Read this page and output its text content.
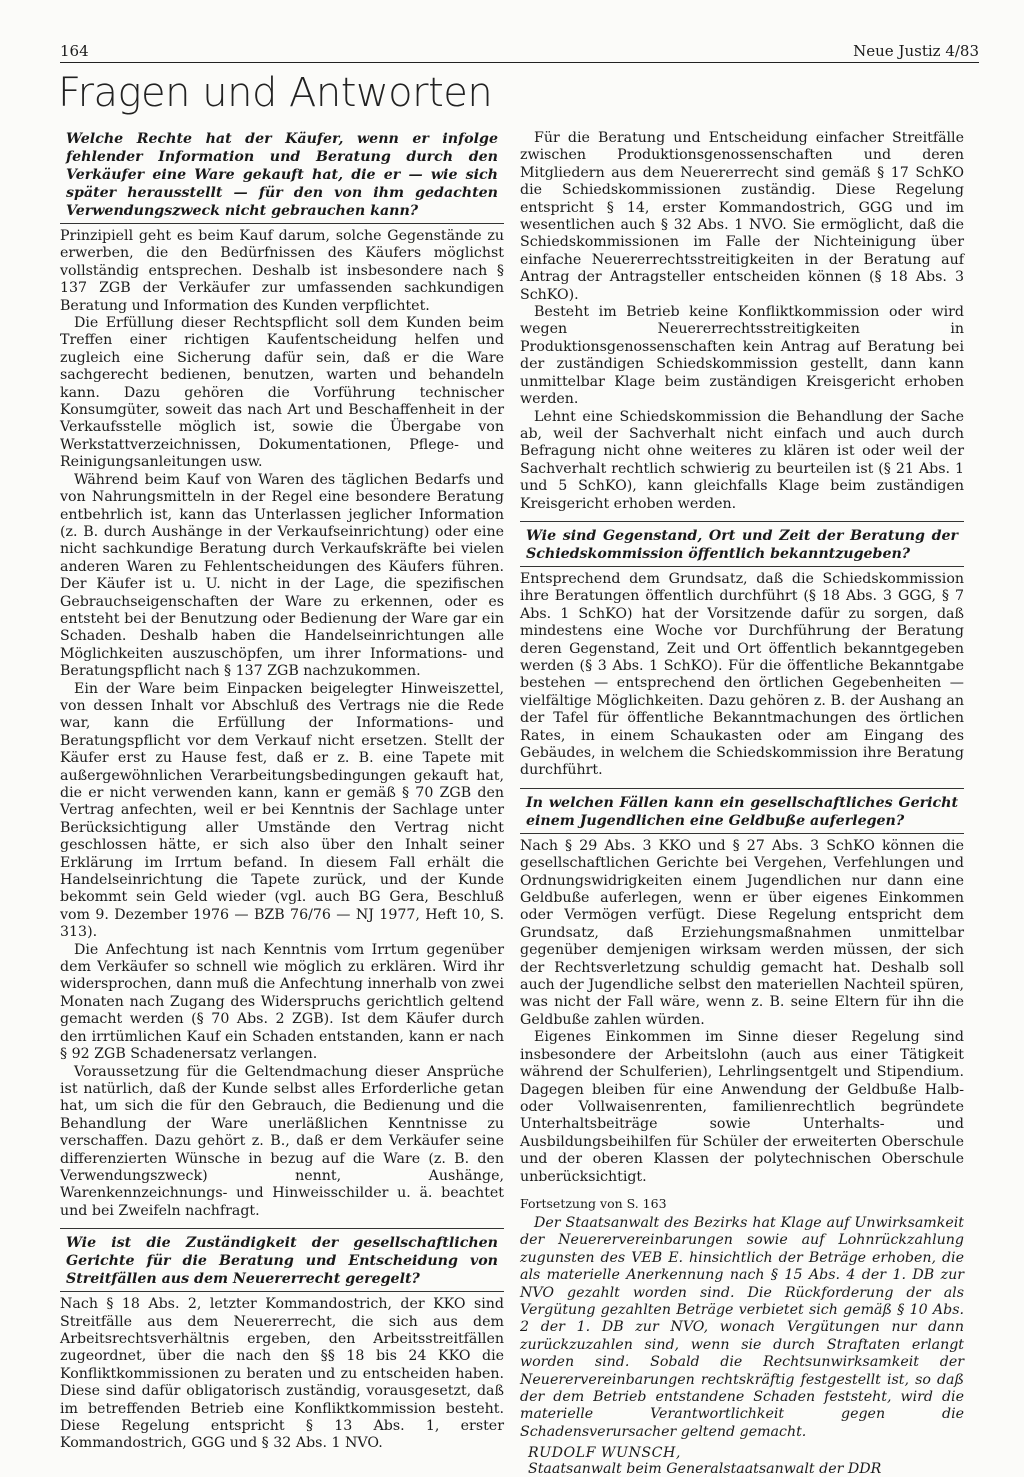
164	Neue Justiz 4/83
Fragen und Antworten
Welche Rechte hat der Käufer, wenn er infolge fehlender Information und Beratung durch den Verkäufer eine Ware gekauft hat, die er — wie sich später herausstellt — für den von ihm gedachten Verwendungszweck nicht gebrauchen kann?

Prinzipiell geht es beim Kauf darum, solche Gegenstände zu erwerben, die den Bedürfnissen des Käufers möglichst vollständig entsprechen. Deshalb ist insbesondere nach § 137 ZGB der Verkäufer zur umfassenden sachkundigen Beratung und Information des Kunden verpflichtet.

Die Erfüllung dieser Rechtspflicht soll dem Kunden beim Treffen einer richtigen Kaufentscheidung helfen und zugleich eine Sicherung dafür sein, daß er die Ware sachgerecht bedienen, benutzen, warten und behandeln kann. Dazu gehören die Vorführung technischer Konsumgüter, soweit das nach Art und Beschaffenheit in der Verkaufsstelle möglich ist, sowie die Übergabe von Werkstattverzeichnissen, Dokumentationen, Pflege- und Reinigungsanleitungen usw.

Während beim Kauf von Waren des täglichen Bedarfs und von Nahrungsmitteln in der Regel eine besondere Beratung entbehrlich ist, kann das Unterlassen jeglicher Information (z. B. durch Aushänge in der Verkaufseinrichtung) oder eine nicht sachkundige Beratung durch Verkaufskräfte bei vielen anderen Waren zu Fehlentscheidungen des Käufers führen. Der Käufer ist u. U. nicht in der Lage, die spezifischen Gebrauchseigenschaften der Ware zu erkennen, oder es entsteht bei der Benutzung oder Bedienung der Ware gar ein Schaden. Deshalb haben die Handelseinrichtungen alle Möglichkeiten auszuschöpfen, um ihrer Informations- und Beratungspflicht nach § 137 ZGB nachzukommen.

Ein der Ware beim Einpacken beigelegter Hinweiszettel, von dessen Inhalt vor Abschluß des Vertrags nie die Rede war, kann die Erfüllung der Informations- und Beratungspflicht vor dem Verkauf nicht ersetzen. Stellt der Käufer erst zu Hause fest, daß er z. B. eine Tapete mit außergewöhnlichen Verarbeitungsbedingungen gekauft hat, die er nicht verwenden kann, kann er gemäß § 70 ZGB den Vertrag anfechten, weil er bei Kenntnis der Sachlage unter Berücksichtigung aller Umstände den Vertrag nicht geschlossen hätte, er sich also über den Inhalt seiner Erklärung im Irrtum befand. In diesem Fall erhält die Handelseinrichtung die Tapete zurück, und der Kunde bekommt sein Geld wieder (vgl. auch BG Gera, Beschluß vom 9. Dezember 1976 — BZB 76/76 — NJ 1977, Heft 10, S. 313).

Die Anfechtung ist nach Kenntnis vom Irrtum gegenüber dem Verkäufer so schnell wie möglich zu erklären. Wird ihr widersprochen, dann muß die Anfechtung innerhalb von zwei Monaten nach Zugang des Widerspruchs gerichtlich geltend gemacht werden (§ 70 Abs. 2 ZGB). Ist dem Käufer durch den irrtümlichen Kauf ein Schaden entstanden, kann er nach § 92 ZGB Schadenersatz verlangen.

Voraussetzung für die Geltendmachung dieser Ansprüche ist natürlich, daß der Kunde selbst alles Erforderliche getan hat, um sich die für den Gebrauch, die Bedienung und die Behandlung der Ware unerläßlichen Kenntnisse zu verschaffen. Dazu gehört z. B., daß er dem Verkäufer seine differenzierten Wünsche in bezug auf die Ware (z. B. den Verwendungszweck) nennt, Aushänge, Warenkennzeichnungs- und Hinweisschilder u. ä. beachtet und bei Zweifeln nachfragt.

Wie ist die Zuständigkeit der gesellschaftlichen Gerichte für die Beratung und Entscheidung von Streitfällen aus dem Neuererrecht geregelt?

Nach § 18 Abs. 2, letzter Kommandostrich, der KKO sind Streitfälle aus dem Neuererrecht, die sich aus dem Arbeitsrechtsverhältnis ergeben, den Arbeitsstreitfällen zugeordnet, über die nach den §§ 18 bis 24 KKO die Konfliktkommissionen zu beraten und zu entscheiden haben. Diese sind dafür obligatorisch zuständig, vorausgesetzt, daß im betreffenden Betrieb eine Konfliktkommission besteht. Diese Regelung entspricht § 13 Abs. 1, erster Kommandostrich, GGG und § 32 Abs. 1 NVO.

Für die Beratung und Entscheidung einfacher Streitfälle zwischen Produktionsgenossenschaften und deren Mitgliedern aus dem Neuererrecht sind gemäß § 17 SchKO die Schiedskommissionen zuständig. Diese Regelung entspricht § 14, erster Kommandostrich, GGG und im wesentlichen auch § 32 Abs. 1 NVO. Sie ermöglicht, daß die Schiedskommissionen im Falle der Nichteinigung über einfache Neuererrechtsstreitigkeiten in der Beratung auf Antrag der Antragsteller entscheiden können (§ 18 Abs. 3 SchKO).

Besteht im Betrieb keine Konfliktkommission oder wird wegen Neuererrechtsstreitigkeiten in Produktionsgenossenschaften kein Antrag auf Beratung bei der zuständigen Schiedskommission gestellt, dann kann unmittelbar Klage beim zuständigen Kreisgericht erhoben werden.

Lehnt eine Schiedskommission die Behandlung der Sache ab, weil der Sachverhalt nicht einfach und auch durch Befragung nicht ohne weiteres zu klären ist oder weil der Sachverhalt rechtlich schwierig zu beurteilen ist (§ 21 Abs. 1 und 5 SchKO), kann gleichfalls Klage beim zuständigen Kreisgericht erhoben werden.

Wie sind Gegenstand, Ort und Zeit der Beratung der Schiedskommission öffentlich bekanntzugeben?

Entsprechend dem Grundsatz, daß die Schiedskommission ihre Beratungen öffentlich durchführt (§ 18 Abs. 3 GGG, § 7 Abs. 1 SchKO) hat der Vorsitzende dafür zu sorgen, daß mindestens eine Woche vor Durchführung der Beratung deren Gegenstand, Zeit und Ort öffentlich bekanntgegeben werden (§ 3 Abs. 1 SchKO). Für die öffentliche Bekanntgabe bestehen — entsprechend den örtlichen Gegebenheiten — vielfältige Möglichkeiten. Dazu gehören z. B. der Aushang an der Tafel für öffentliche Bekanntmachungen des örtlichen Rates, in einem Schaukasten oder am Eingang des Gebäudes, in welchem die Schiedskommission ihre Beratung durchführt.

In welchen Fällen kann ein gesellschaftliches Gericht einem Jugendlichen eine Geldbuße auferlegen?

Nach § 29 Abs. 3 KKO und § 27 Abs. 3 SchKO können die gesellschaftlichen Gerichte bei Vergehen, Verfehlungen und Ordnungswidrigkeiten einem Jugendlichen nur dann eine Geldbuße auferlegen, wenn er über eigenes Einkommen oder Vermögen verfügt. Diese Regelung entspricht dem Grundsatz, daß Erziehungsmaßnahmen unmittelbar gegenüber demjenigen wirksam werden müssen, der sich der Rechtsverletzung schuldig gemacht hat. Deshalb soll auch der Jugendliche selbst den materiellen Nachteil spüren, was nicht der Fall wäre, wenn z. B. seine Eltern für ihn die Geldbuße zahlen würden.

Eigenes Einkommen im Sinne dieser Regelung sind insbesondere der Arbeitslohn (auch aus einer Tätigkeit während der Schulferien), Lehrlingsentgelt und Stipendium. Dagegen bleiben für eine Anwendung der Geldbuße Halb- oder Vollwaisenrenten, familienrechtlich begründete Unterhaltsbeiträge sowie Unterhalts- und Ausbildungsbeihilfen für Schüler der erweiterten Oberschule und der oberen Klassen der polytechnischen Oberschule unberücksichtigt.

Fortsetzung von S. 163

Der Staatsanwalt des Bezirks hat Klage auf Unwirksamkeit der Neuerervereinbarungen sowie auf Lohnrückzahlung zugunsten des VEB E. hinsichtlich der Beträge erhoben, die als materielle Anerkennung nach § 15 Abs. 4 der 1. DB zur NVO gezahlt worden sind. Die Rückforderung der als Vergütung gezahlten Beträge verbietet sich gemäß § 10 Abs. 2 der 1. DB zur NVO, wonach Vergütungen nur dann zurückzuzahlen sind, wenn sie durch Straftaten erlangt worden sind. Sobald die Rechtsunwirksamkeit der Neuerervereinbarungen rechtskräftig festgestellt ist, so daß der dem Betrieb entstandene Schaden feststeht, wird die materielle Verantwortlichkeit gegen die Schadensverursacher geltend gemacht.

RUDOLF WUNSCH,
Staatsanwalt beim Generalstaatsanwalt der DDR
